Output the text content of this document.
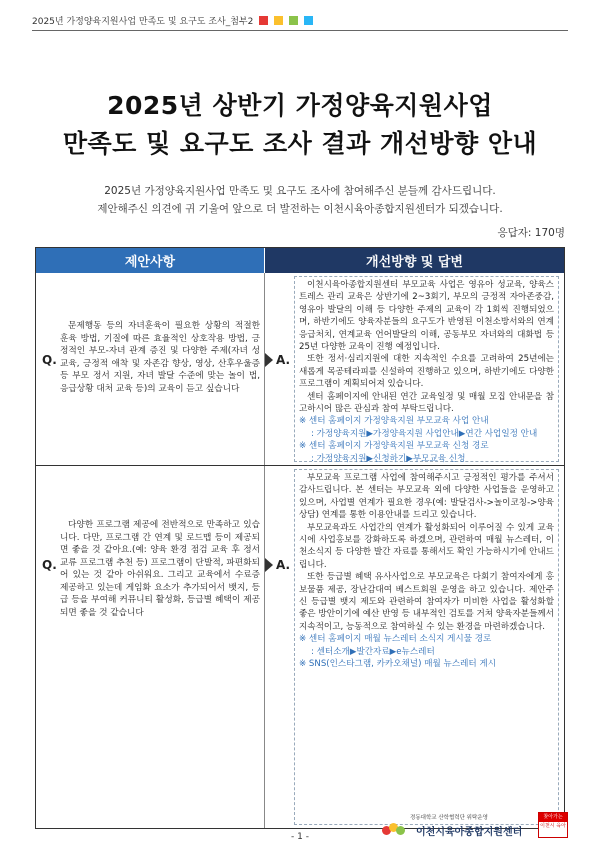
2025년 가정양육지원사업 만족도 및 요구도 조사_첨부2
2025년 상반기 가정양육지원사업
만족도 및 요구도 조사 결과 개선방향 안내
2025년 가정양육지원사업 만족도 및 요구도 조사에 참여해주신 분들께 감사드립니다.
제안해주신 의견에 귀 기울여 앞으로 더 발전하는 이천시육아종합지원센터가 되겠습니다.
응답자: 170명
제안사항	개선방향 및 답변
Q.

문제행동 등의 자녀훈육이 필요한 상황의 적절한 훈육 방법, 기질에 따른 효율적인 상호작용 방법, 긍정적인 부모-자녀 관계 증진 및 다양한 주제(자녀 성교육, 긍정적 애착 및 자존감 향상, 영상, 산후우울증 등 부모 정서 지원, 자녀 발달 수준에 맞는 놀이 법, 응급상황 대처 교육 등)의 교육이 듣고 싶습니다

A.

이천시육아종합지원센터 부모교육 사업은 영유아 성교육, 양육스트레스 관리 교육은 상반기에 2~3회기, 부모의 긍정적 자아존중감, 영유아 발달의 이해 등 다양한 주제의 교육이 각 1회씩 진행되었으며, 하반기에도 양육자분들의 요구도가 반영된 이천소방서와의 연계 응급처치, 연계교육 언어발달의 이해, 공동부모 자녀와의 대화법 등 25년 다양한 교육이 진행 예정입니다.

또한 정서·심리지원에 대한 지속적인 수요를 고려하여 25년에는 새롭게 목공테라피를 신설하여 진행하고 있으며, 하반기에도 다양한 프로그램이 계획되어져 있습니다.

센터 홈페이지에 안내된 연간 교육일정 및 매월 모집 안내문을 참고하시어 많은 관심과 참여 부탁드립니다.

※ 센터 홈페이지 가정양육지원 부모교육 사업 안내

: 가정양육지원▶가정양육지원 사업안내▶연간 사업일정 안내

※ 센터 홈페이지 가정양육지원 부모교육 신청 경로

: 가정양육지원▶신청하기▶부모교육 신청

Q.

다양한 프로그램 제공에 전반적으로 만족하고 있습니다. 다만, 프로그램 간 연계 및 로드맵 등이 제공되면 좋을 것 같아요.(예: 양육 환경 점검 교육 후 정서 교류 프로그램 추천 등) 프로그램이 단발적, 파편화되어 있는 것 같아 아쉬워요. 그리고 교육에서 수료증 제공하고 있는데 게임화 요소가 추가되어서 뱃지, 등급 등을 부여해 커뮤니티 활성화, 등급별 혜택이 제공되면 좋을 것 같습니다

A.

부모교육 프로그램 사업에 참여해주시고 긍정적인 평가를 주셔서 감사드립니다. 본 센터는 부모교육 외에 다양한 사업들을 운영하고 있으며, 사업별 연계가 필요한 경우(예: 발달검사->놀이코칭->양육상담) 연계를 통한 이용안내를 드리고 있습니다.

부모교육과도 사업간의 연계가 활성화되어 이루어질 수 있게 교육시에 사업홍보를 강화하도록 하겠으며, 관련하여 매월 뉴스레터, 이천소식지 등 다양한 발간 자료를 통해서도 확인 가능하시기에 안내드립니다.

또한 등급별 혜택 유사사업으로 부모교육은 다회기 참여자에게 홍보물품 제공, 장난감대여 베스트회원 운영을 하고 있습니다. 제안주신 등급별 뱃지 제도와 관련하여 참여자가 미비한 사업을 활성화할 좋은 방안이기에 예산 반영 등 내부적인 검토를 거쳐 양육자분들께서 지속적이고, 능동적으로 참여하실 수 있는 환경을 마련하겠습니다.

※ 센터 홈페이지 매월 뉴스레터 소식지 게시물 경로

: 센터소개▶발간자료▶e뉴스레터

※ SNS(인스타그램, 카카오채널) 매월 뉴스레터 게시

- 1 -	이천시육아종합지원센터
경동대학교 산학협력단 위탁운영	찾아가는
이천시 육아
